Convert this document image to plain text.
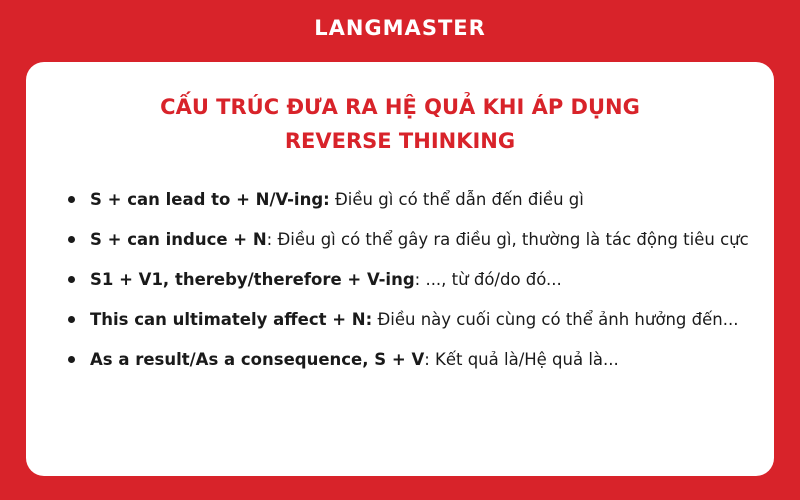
LANGMASTER
CẤU TRÚC ĐƯA RA HỆ QUẢ KHI ÁP DỤNG
REVERSE THINKING
S + can lead to + N/V-ing: Điều gì có thể dẫn đến điều gì
S + can induce + N: Điều gì có thể gây ra điều gì, thường là tác động tiêu cực
S1 + V1, thereby/therefore + V-ing: ..., từ đó/do đó...
This can ultimately affect + N: Điều này cuối cùng có thể ảnh hưởng đến...
As a result/As a consequence, S + V: Kết quả là/Hệ quả là...
